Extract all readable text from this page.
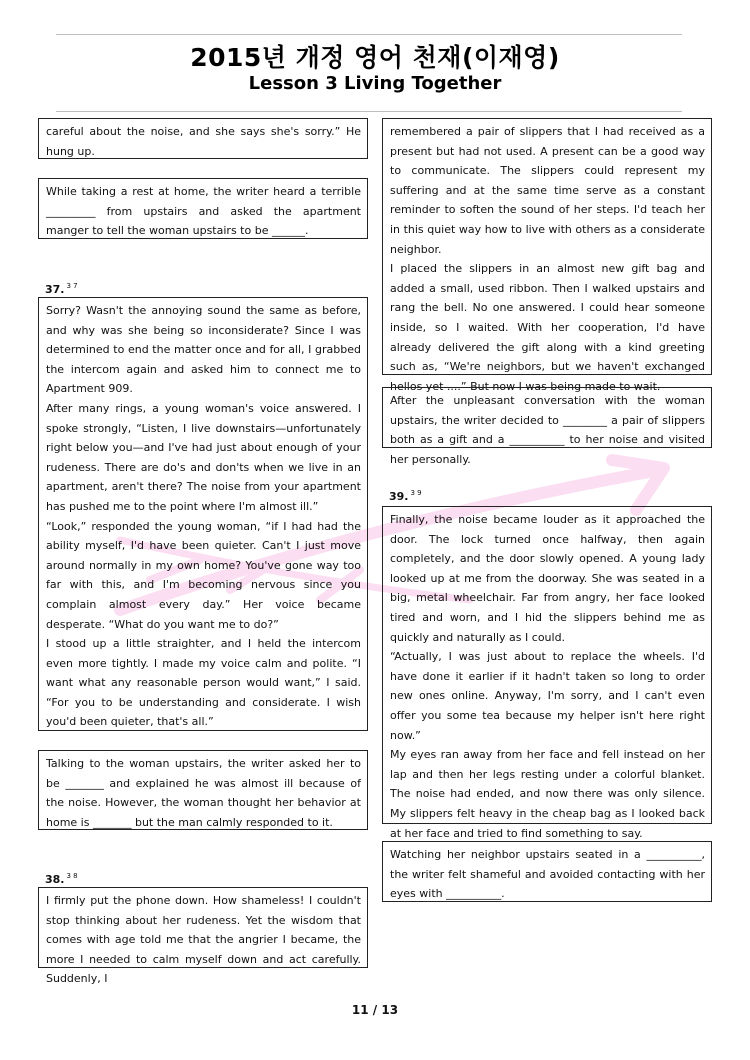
2015년 개정 영어 천재(이재영)
Lesson 3 Living Together

careful about the noise, and she says she's sorry.” He hung up.

While taking a rest at home, the writer heard a terrible _________ from upstairs and asked the apartment manger to tell the woman upstairs to be ______.

37. $^{3 7}$

Sorry? Wasn't the annoying sound the same as before, and why was she being so inconsiderate? Since I was determined to end the matter once and for all, I grabbed the intercom again and asked him to connect me to Apartment 909.

After many rings, a young woman's voice answered. I spoke strongly, “Listen, I live downstairs—unfortunately right below you—and I've had just about enough of your rudeness. There are do's and don'ts when we live in an apartment, aren't there? The noise from your apartment has pushed me to the point where I'm almost ill.”

“Look,” responded the young woman, “if I had had the ability myself, I'd have been quieter. Can't I just move around normally in my own home? You've gone way too far with this, and I'm becoming nervous since you complain almost every day.” Her voice became desperate. “What do you want me to do?”

I stood up a little straighter, and I held the intercom even more tightly. I made my voice calm and polite. “I want what any reasonable person would want,” I said. “For you to be understanding and considerate. I wish you'd been quieter, that's all.”

Talking to the woman upstairs, the writer asked her to be _______ and explained he was almost ill because of the noise. However, the woman thought her behavior at home is _______ but the man calmly responded to it.

38. $^{3 8}$

I firmly put the phone down. How shameless! I couldn't stop thinking about her rudeness. Yet the wisdom that comes with age told me that the angrier I became, the more I needed to calm myself down and act carefully. Suddenly, I

remembered a pair of slippers that I had received as a present but had not used. A present can be a good way to communicate. The slippers could represent my suffering and at the same time serve as a constant reminder to soften the sound of her steps. I'd teach her in this quiet way how to live with others as a considerate neighbor.

I placed the slippers in an almost new gift bag and added a small, used ribbon. Then I walked upstairs and rang the bell. No one answered. I could hear someone inside, so I waited. With her cooperation, I'd have already delivered the gift along with a kind greeting such as, “We're neighbors, but we haven't exchanged hellos yet ....” But now I was being made to wait.

After the unpleasant conversation with the woman upstairs, the writer decided to ________ a pair of slippers both as a gift and a __________ to her noise and visited her personally.

39. $^{3 9}$

Finally, the noise became louder as it approached the door. The lock turned once halfway, then again completely, and the door slowly opened. A young lady looked up at me from the doorway. She was seated in a big, metal wheelchair. Far from angry, her face looked tired and worn, and I hid the slippers behind me as quickly and naturally as I could.

“Actually, I was just about to replace the wheels. I'd have done it earlier if it hadn't taken so long to order new ones online. Anyway, I'm sorry, and I can't even offer you some tea because my helper isn't here right now.”

My eyes ran away from her face and fell instead on her lap and then her legs resting under a colorful blanket. The noise had ended, and now there was only silence. My slippers felt heavy in the cheap bag as I looked back at her face and tried to find something to say.

Watching her neighbor upstairs seated in a __________, the writer felt shameful and avoided contacting with her eyes with __________.

11 / 13
